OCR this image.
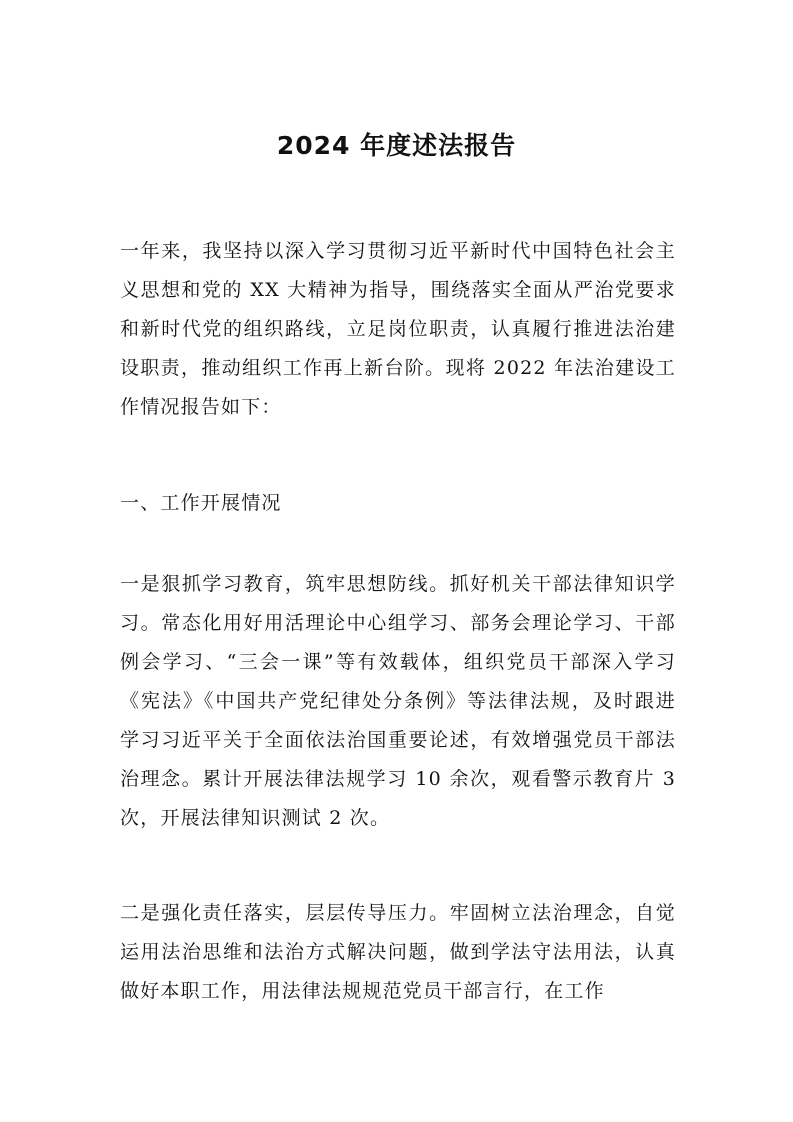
2024 年度述法报告

一年来，我坚持以深入学习贯彻习近平新时代中国特色社会主义思想和党的 XX 大精神为指导，围绕落实全面从严治党要求和新时代党的组织路线，立足岗位职责，认真履行推进法治建设职责，推动组织工作再上新台阶。现将 2022 年法治建设工作情况报告如下：

一、工作开展情况

一是狠抓学习教育，筑牢思想防线。抓好机关干部法律知识学习。常态化用好用活理论中心组学习、部务会理论学习、干部例会学习、“三会一课”等有效载体，组织党员干部深入学习《宪法》《中国共产党纪律处分条例》等法律法规，及时跟进学习习近平关于全面依法治国重要论述，有效增强党员干部法治理念。累计开展法律法规学习 10 余次，观看警示教育片 3 次，开展法律知识测试 2 次。

二是强化责任落实，层层传导压力。牢固树立法治理念，自觉运用法治思维和法治方式解决问题，做到学法守法用法，认真做好本职工作，用法律法规规范党员干部言行，在工作
